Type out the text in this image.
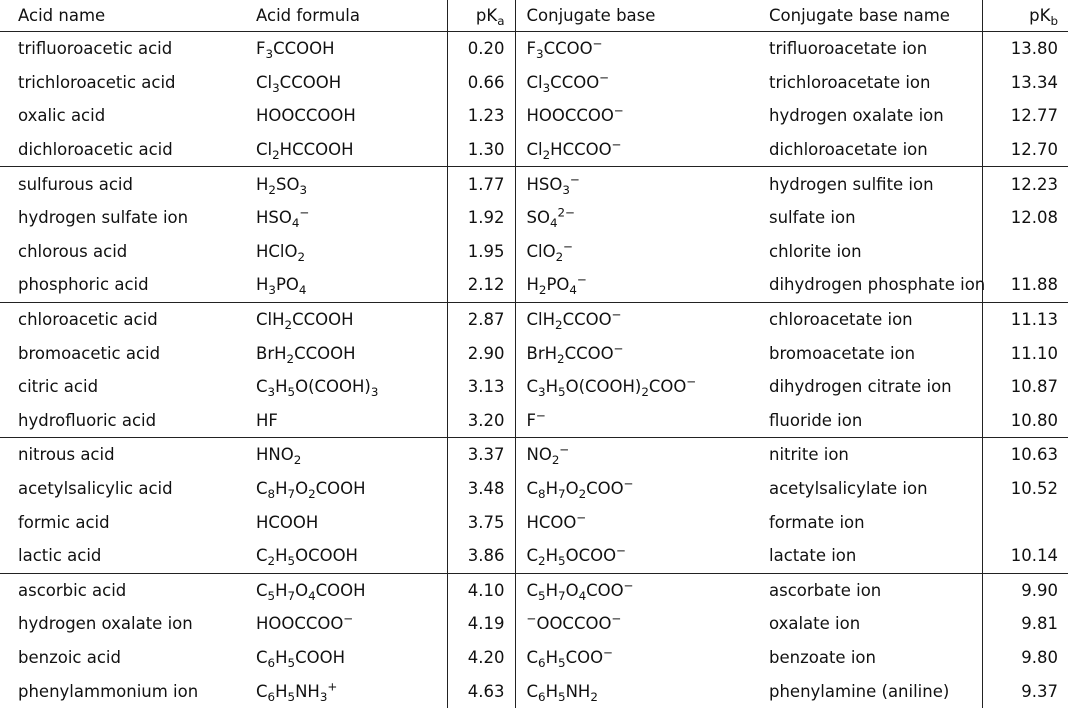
Acid name	Acid formula	$pK_a$	Conjugate base	Conjugate base name	$pK_b$
trifluoroacetic acid	$F_3CCOOH$	0.20	$F_3CCOO^-$	trifluoroacetate ion	13.80
trichloroacetic acid	$Cl_3CCOOH$	0.66	$Cl_3CCOO^-$	trichloroacetate ion	13.34
oxalic acid	HOOCCOOH	1.23	HOOCCOO−	hydrogen oxalate ion	12.77
dichloroacetic acid	$Cl_2HCCOOH$	1.30	$Cl_2HCCOO^-$	dichloroacetate ion	12.70
sulfurous acid	$H_2SO_3$	1.77	$HSO_3^-$	hydrogen sulfite ion	12.23
hydrogen sulfate ion	$HSO_4^-$	1.92	$SO_4^{2-}$	sulfate ion	12.08
chlorous acid	HClO$_2$	1.95	ClO$_2$−	chlorite ion	
phosphoric acid	$H_3PO_4$	2.12	$H_2PO_4^-$	dihydrogen phosphate ion	11.88
chloroacetic acid	ClH$_2$CCOOH	2.87	ClH$_2$CCOO−	chloroacetate ion	11.13
bromoacetic acid	BrH$_2$CCOOH	2.90	BrH$_2$CCOO−	bromoacetate ion	11.10
citric acid	$C_3H_5O(COOH)_3$	3.13	$C_3H_5O(COOH)_2COO^-$	dihydrogen citrate ion	10.87
hydrofluoric acid	HF	3.20	F−	fluoride ion	10.80
nitrous acid	$HNO_2$	3.37	$NO_2^-$	nitrite ion	10.63
acetylsalicylic acid	$C_8H_7O_2COOH$	3.48	$C_8H_7O_2COO^-$	acetylsalicylate ion	10.52
formic acid	HCOOH	3.75	HCOO−	formate ion	
lactic acid	$C_2H_5OCOOH$	3.86	$C_2H_5OCOO^-$	lactate ion	10.14
ascorbic acid	$C_5H_7O_4COOH$	4.10	$C_5H_7O_4COO^-$	ascorbate ion	9.90
hydrogen oxalate ion	HOOCCOO−	4.19	−OOCCOO−	oxalate ion	9.81
benzoic acid	$C_6H_5COOH$	4.20	$C_6H_5COO^-$	benzoate ion	9.80
phenylammonium ion	$C_6H_5NH_3^+$	4.63	$C_6H_5NH_2$	phenylamine (aniline)	9.37
